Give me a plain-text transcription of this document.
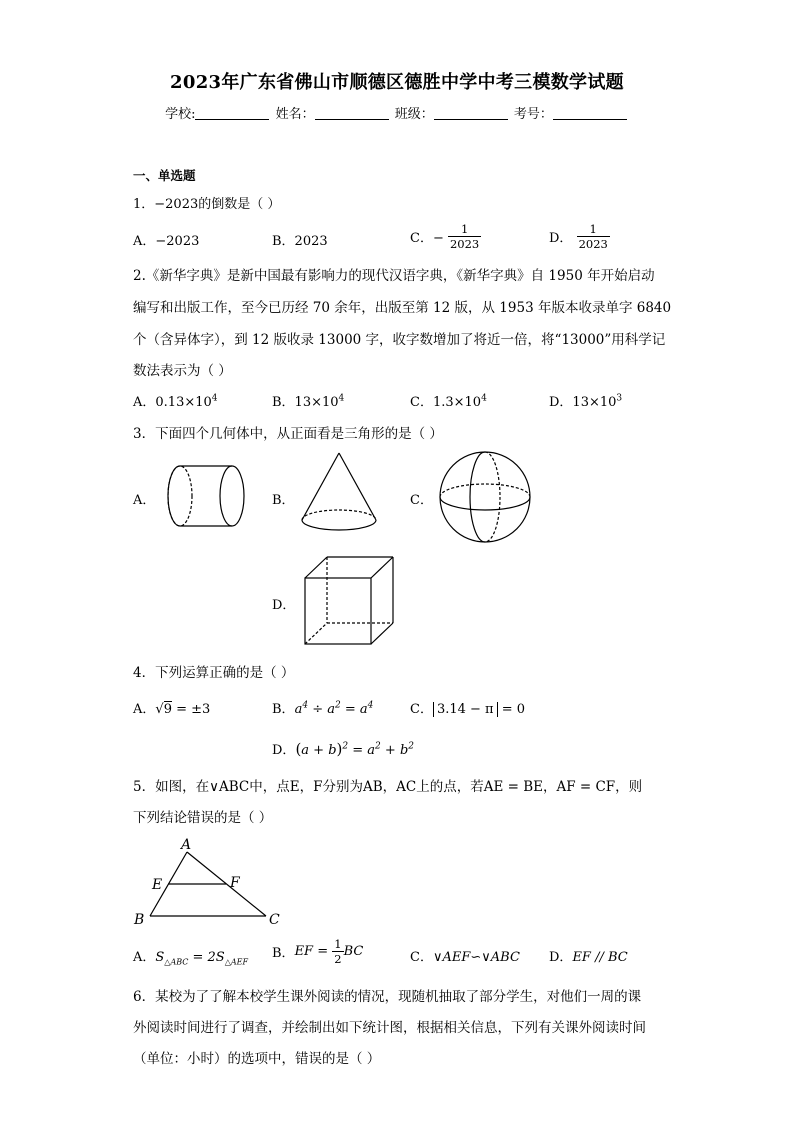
2023年广东省佛山市顺德区德胜中学中考三模数学试题
学校:	姓名：	班级：	考号：
一、单选题
1．−2023的倒数是（ ）
A．−2023	B．2023	C．− $\frac{1}{2023}$	D． $\frac{1}{2023}$
2.《新华字典》是新中国最有影响力的现代汉语字典，《新华字典》自 1950 年开始启动
编写和出版工作，至今已历经 70 余年，出版至第 12 版，从 1953 年版本收录单字 6840
个（含异体字），到 12 版收录 13000 字，收字数增加了将近一倍，将“13000”用科学记
数法表示为（ ）
A．$0.13\times 10^4$	B．$13\times 10^4$	C．$1.3\times 10^4$	D．$13\times 10^3$
3．下面四个几何体中，从正面看是三角形的是（ ）
A．	B．	C．
D．
4．下列运算正确的是（ ）
A．√
9 = ±3	B．$a^4 \div a^2 = a^4$	C． 3.14 − π = 0
D．$(a + b)^2 = a^2 + b^2$
5．如图，在∨ABC中，点E，F分别为AB，AC上的点，若AE = BE，AF = CF，则
下列结论错误的是（ ）
A
B	C
E	F
A．$S_{\triangle ABC} = 2S_{\triangle AEF}$
B．EF = $\frac{1}{2}$ BC	C．∨AEF∽∨ABC D．EF // BC
6．某校为了了解本校学生课外阅读的情况，现随机抽取了部分学生，对他们一周的课
外阅读时间进行了调查，并绘制出如下统计图，根据相关信息，下列有关课外阅读时间
（单位：小时）的选项中，错误的是（ ）
